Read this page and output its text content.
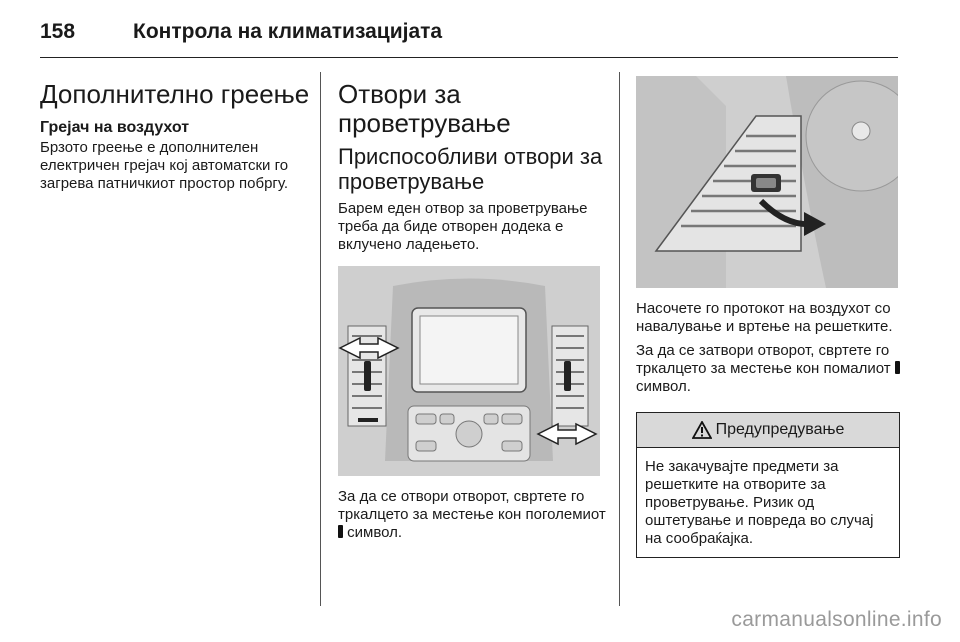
158	Контрола на климатизацијата
Дополнително греење
Грејач на воздухот

Брзото греење е дополнителен електричен грејач кој автоматски го загрева патничкиот простор побргу.

Отвори за проветрување
Приспособливи отвори за проветрување

Барем еден отвор за проветрување треба да биде отворен додека е вклучено ладењето.

За да се отвори отворот, свртете го тркалцето за местење кон поголемиот  символ.

Насочете го протокот на воздухот со навалување и вртење на решетките.

За да се затвори отворот, свртете го тркалцето за местење кон помалиот  символ.

Предупредување

Не закачувајте предмети за решетките на отворите за проветрување. Ризик од оштетување и повреда во случај на сообраќајка.

carmanualsonline.info
